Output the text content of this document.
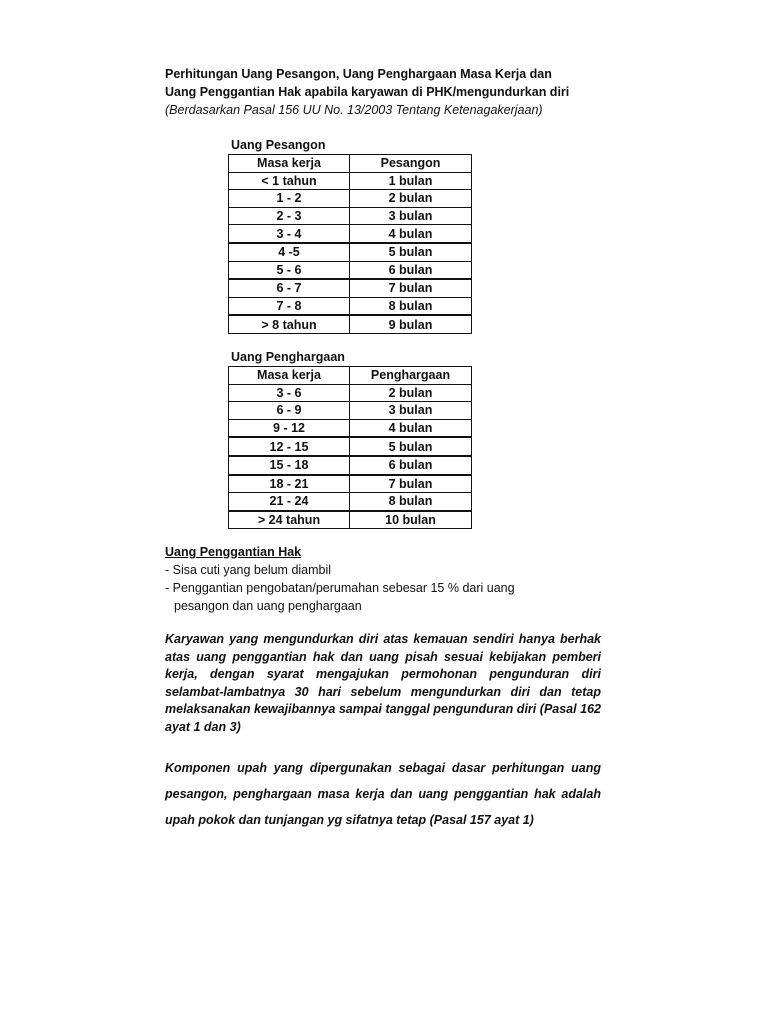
Perhitungan Uang Pesangon, Uang Penghargaan Masa Kerja dan
Uang Penggantian Hak apabila karyawan di PHK/mengundurkan diri
(Berdasarkan Pasal 156 UU No. 13/2003 Tentang Ketenagakerjaan)
Uang Pesangon
Masa kerja	Pesangon
< 1 tahun	1 bulan
1 - 2	2 bulan
2 - 3	3 bulan
3 - 4	4 bulan
4 -5	5 bulan
5 - 6	6 bulan
6 - 7	7 bulan
7 - 8	8 bulan
> 8 tahun	9 bulan
Uang Penghargaan
Masa kerja	Penghargaan
3 - 6	2 bulan
6 - 9	3 bulan
9 - 12	4 bulan
12 - 15	5 bulan
15 - 18	6 bulan
18 - 21	7 bulan
21 - 24	8 bulan
> 24 tahun	10 bulan
Uang Penggantian Hak
- Sisa cuti yang belum diambil
- Penggantian pengobatan/perumahan sebesar 15 % dari uang
pesangon dan uang penghargaan

Karyawan yang mengundurkan diri atas kemauan sendiri hanya berhak atas uang penggantian hak dan uang pisah sesuai kebijakan pemberi kerja, dengan syarat mengajukan permohonan pengunduran diri selambat-lambatnya 30 hari sebelum mengundurkan diri dan tetap melaksanakan kewajibannya sampai tanggal pengunduran diri (Pasal 162 ayat 1 dan 3)

Komponen upah yang dipergunakan sebagai dasar perhitungan uang pesangon, penghargaan masa kerja dan uang penggantian hak adalah upah pokok dan tunjangan yg sifatnya tetap (Pasal 157 ayat 1)
